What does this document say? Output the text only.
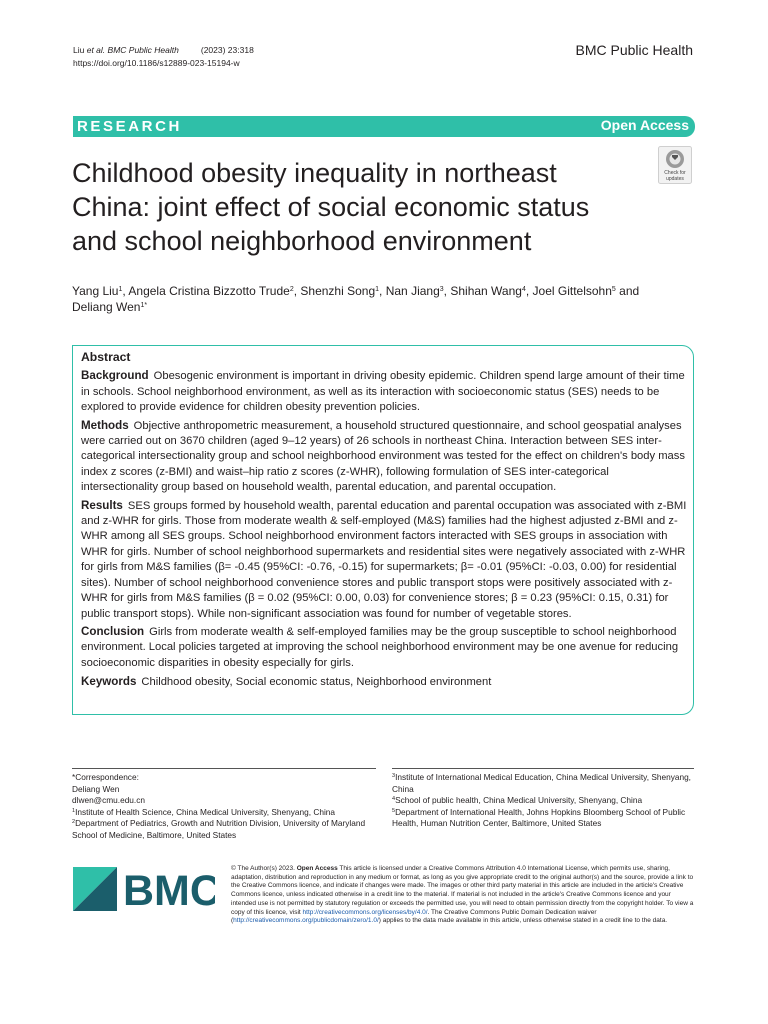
Liu et al. BMC Public Health	(2023) 23:318
https://doi.org/10.1186/s12889-023-15194-w
BMC Public Health
RESEARCH	Open Access
Check for
updates
Childhood obesity inequality in northeast China: joint effect of social economic status and school neighborhood environment
Yang Liu$^1$, Angela Cristina Bizzotto Trude$^2$, Shenzhi Song$^1$, Nan Jiang$^3$, Shihan Wang$^4$, Joel Gittelsohn$^5$ and
Deliang Wen$^{1*}$
Abstract

Background Obesogenic environment is important in driving obesity epidemic. Children spend large amount of their time in schools. School neighborhood environment, as well as its interaction with socioeconomic status (SES) needs to be explored to provide evidence for children obesity prevention policies.

Methods Objective anthropometric measurement, a household structured questionnaire, and school geospatial analyses were carried out on 3670 children (aged 9–12 years) of 26 schools in northeast China. Interaction between SES inter-categorical intersectionality group and school neighborhood environment was tested for the effect on children's body mass index z scores (z-BMI) and waist–hip ratio z scores (z-WHR), following formulation of SES inter-categorical intersectionality group based on household wealth, parental education, and parental occupation.

Results SES groups formed by household wealth, parental education and parental occupation was associated with z-BMI and z-WHR for girls. Those from moderate wealth & self-employed (M&S) families had the highest adjusted z-BMI and z-WHR among all SES groups. School neighborhood environment factors interacted with SES groups in association with WHR for girls. Number of school neighborhood supermarkets and residential sites were negatively associated with z-WHR for girls from M&S families (β= -0.45 (95%CI: -0.76, -0.15) for supermarkets; β= -0.01 (95%CI: -0.03, 0.00) for residential sites). Number of school neighborhood convenience stores and public transport stops were positively associated with z-WHR for girls from M&S families (β = 0.02 (95%CI: 0.00, 0.03) for convenience stores; β = 0.23 (95%CI: 0.15, 0.31) for public transport stops). While non-significant association was found for number of vegetable stores.

Conclusion Girls from moderate wealth & self-employed families may be the group susceptible to school neighborhood environment. Local policies targeted at improving the school neighborhood environment may be one avenue for reducing socioeconomic disparities in obesity especially for girls.

Keywords Childhood obesity, Social economic status, Neighborhood environment

*Correspondence:
Deliang Wen
dlwen@cmu.edu.cn
$^1$Institute of Health Science, China Medical University, Shenyang, China
$^2$Department of Pediatrics, Growth and Nutrition Division, University of Maryland School of Medicine, Baltimore, United States
$^3$Institute of International Medical Education, China Medical University, Shenyang, China
$^4$School of public health, China Medical University, Shenyang, China
$^5$Department of International Health, Johns Hopkins Bloomberg School of Public Health, Human Nutrition Center, Baltimore, United States
BMC © The Author(s) 2023. Open Access This article is licensed under a Creative Commons Attribution 4.0 International License, which permits use, sharing, adaptation, distribution and reproduction in any medium or format, as long as you give appropriate credit to the original author(s) and the source, provide a link to the Creative Commons licence, and indicate if changes were made. The images or other third party material in this article are included in the article's Creative Commons licence, unless indicated otherwise in a credit line to the material. If material is not included in the article's Creative Commons licence and your intended use is not permitted by statutory regulation or exceeds the permitted use, you will need to obtain permission directly from the copyright holder. To view a copy of this licence, visit http://creativecommons.org/licenses/by/4.0/. The Creative Commons Public Domain Dedication waiver (http://creativecommons.org/publicdomain/zero/1.0/) applies to the data made available in this article, unless otherwise stated in a credit line to the data.
